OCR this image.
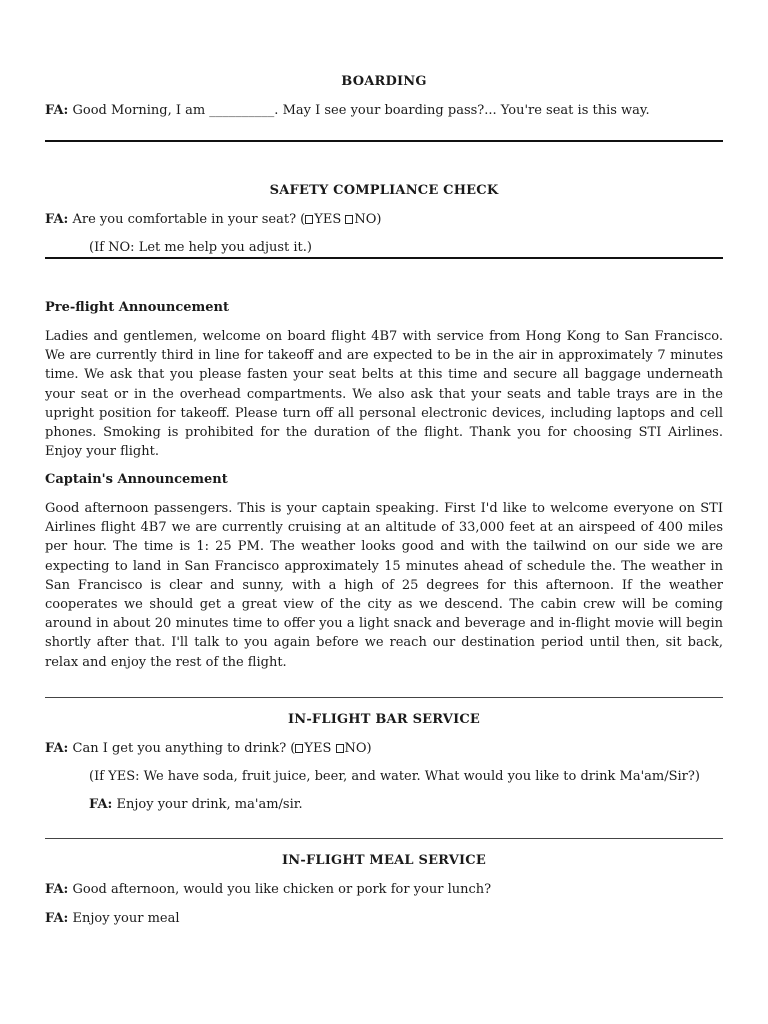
BOARDING
FA: Good Morning, I am __________. May I see your boarding pass?... You're seat is this way.
SAFETY COMPLIANCE CHECK
FA: Are you comfortable in your seat? ( YES NO)
(If NO: Let me help you adjust it.)
Pre-flight Announcement
Ladies and gentlemen, welcome on board flight 4B7 with service from Hong Kong to San Francisco. We are currently third in line for takeoff and are expected to be in the air in approximately 7 minutes time. We ask that you please fasten your seat belts at this time and secure all baggage underneath your seat or in the overhead compartments. We also ask that your seats and table trays are in the upright position for takeoff. Please turn off all personal electronic devices, including laptops and cell phones. Smoking is prohibited for the duration of the flight. Thank you for choosing STI Airlines. Enjoy your flight.
Captain's Announcement
Good afternoon passengers. This is your captain speaking. First I'd like to welcome everyone on STI Airlines flight 4B7 we are currently cruising at an altitude of 33,000 feet at an airspeed of 400 miles per hour. The time is 1: 25 PM. The weather looks good and with the tailwind on our side we are expecting to land in San Francisco approximately 15 minutes ahead of schedule the. The weather in San Francisco is clear and sunny, with a high of 25 degrees for this afternoon. If the weather cooperates we should get a great view of the city as we descend. The cabin crew will be coming around in about 20 minutes time to offer you a light snack and beverage and in-flight movie will begin shortly after that. I'll talk to you again before we reach our destination period until then, sit back, relax and enjoy the rest of the flight.
IN-FLIGHT BAR SERVICE
FA: Can I get you anything to drink? ( YES NO)
(If YES: We have soda, fruit juice, beer, and water. What would you like to drink Ma'am/Sir?)
FA: Enjoy your drink, ma'am/sir.
IN-FLIGHT MEAL SERVICE
FA: Good afternoon, would you like chicken or pork for your lunch?
FA: Enjoy your meal
